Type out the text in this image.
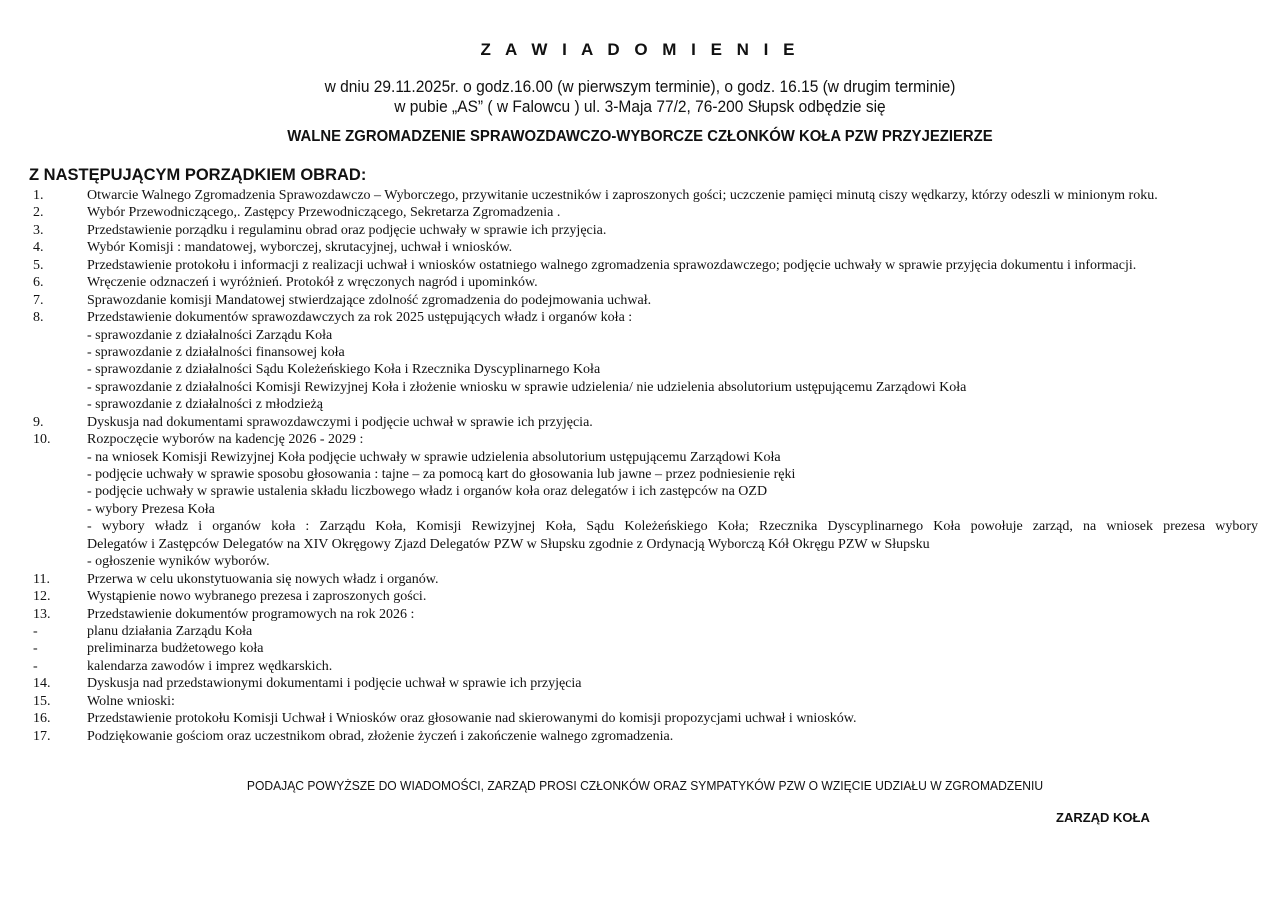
Z A W I A D O M I E N I E
w dniu 29.11.2025r. o godz.16.00 (w pierwszym terminie), o godz. 16.15 (w drugim terminie)
w pubie „AS” ( w Falowcu ) ul. 3-Maja 77/2, 76-200 Słupsk odbędzie się
WALNE ZGROMADZENIE SPRAWOZDAWCZO-WYBORCZE CZŁONKÓW KOŁA PZW PRZYJEZIERZE
Z NASTĘPUJĄCYM PORZĄDKIEM OBRAD:
1.	Otwarcie Walnego Zgromadzenia Sprawozdawczo – Wyborczego, przywitanie uczestników i zaproszonych gości; uczczenie pamięci minutą ciszy wędkarzy, którzy odeszli w minionym roku.
2.	Wybór Przewodniczącego,. Zastępcy Przewodniczącego, Sekretarza Zgromadzenia .
3.	Przedstawienie porządku i regulaminu obrad oraz podjęcie uchwały w sprawie ich przyjęcia.
4.	Wybór Komisji : mandatowej, wyborczej, skrutacyjnej, uchwał i wniosków.
5.	Przedstawienie protokołu i informacji z realizacji uchwał i wniosków ostatniego walnego zgromadzenia sprawozdawczego; podjęcie uchwały w sprawie przyjęcia dokumentu i informacji.
6.	Wręczenie odznaczeń i wyróżnień. Protokół z wręczonych nagród i upominków.
7.	Sprawozdanie komisji Mandatowej stwierdzające zdolność zgromadzenia do podejmowania uchwał.
8.	Przedstawienie dokumentów sprawozdawczych za rok 2025 ustępujących władz i organów koła :
- sprawozdanie z działalności Zarządu Koła
- sprawozdanie z działalności finansowej koła
- sprawozdanie z działalności Sądu Koleżeńskiego Koła i Rzecznika Dyscyplinarnego Koła
- sprawozdanie z działalności Komisji Rewizyjnej Koła i złożenie wniosku w sprawie udzielenia/ nie udzielenia absolutorium ustępującemu Zarządowi Koła
- sprawozdanie z działalności z młodzieżą
9.	Dyskusja nad dokumentami sprawozdawczymi i podjęcie uchwał w sprawie ich przyjęcia.
10.	Rozpoczęcie wyborów na kadencję 2026 - 2029 :
- na wniosek Komisji Rewizyjnej Koła podjęcie uchwały w sprawie udzielenia absolutorium ustępującemu Zarządowi Koła
- podjęcie uchwały w sprawie sposobu głosowania : tajne – za pomocą kart do głosowania lub jawne – przez podniesienie ręki
- podjęcie uchwały w sprawie ustalenia składu liczbowego władz i organów koła oraz delegatów i ich zastępców na OZD
- wybory Prezesa Koła
- wybory władz i organów koła : Zarządu Koła, Komisji Rewizyjnej Koła, Sądu Koleżeńskiego Koła; Rzecznika Dyscyplinarnego Koła powołuje zarząd, na wniosek prezesa wybory
Delegatów i Zastępców Delegatów na XIV Okręgowy Zjazd Delegatów PZW w Słupsku zgodnie z Ordynacją Wyborczą Kół Okręgu PZW w Słupsku
- ogłoszenie wyników wyborów.
11.	Przerwa w celu ukonstytuowania się nowych władz i organów.
12.	Wystąpienie nowo wybranego prezesa i zaproszonych gości.
13.	Przedstawienie dokumentów programowych na rok 2026 :
-	planu działania Zarządu Koła
-	preliminarza budżetowego koła
-	kalendarza zawodów i imprez wędkarskich.
14.	Dyskusja nad przedstawionymi dokumentami i podjęcie uchwał w sprawie ich przyjęcia
15.	Wolne wnioski:
16.	Przedstawienie protokołu Komisji Uchwał i Wniosków oraz głosowanie nad skierowanymi do komisji propozycjami uchwał i wniosków.
17.	Podziękowanie gościom oraz uczestnikom obrad, złożenie życzeń i zakończenie walnego zgromadzenia.
PODAJĄC POWYŻSZE DO WIADOMOŚCI, ZARZĄD PROSI CZŁONKÓW ORAZ SYMPATYKÓW PZW O WZIĘCIE UDZIAŁU W ZGROMADZENIU
ZARZĄD KOŁA
